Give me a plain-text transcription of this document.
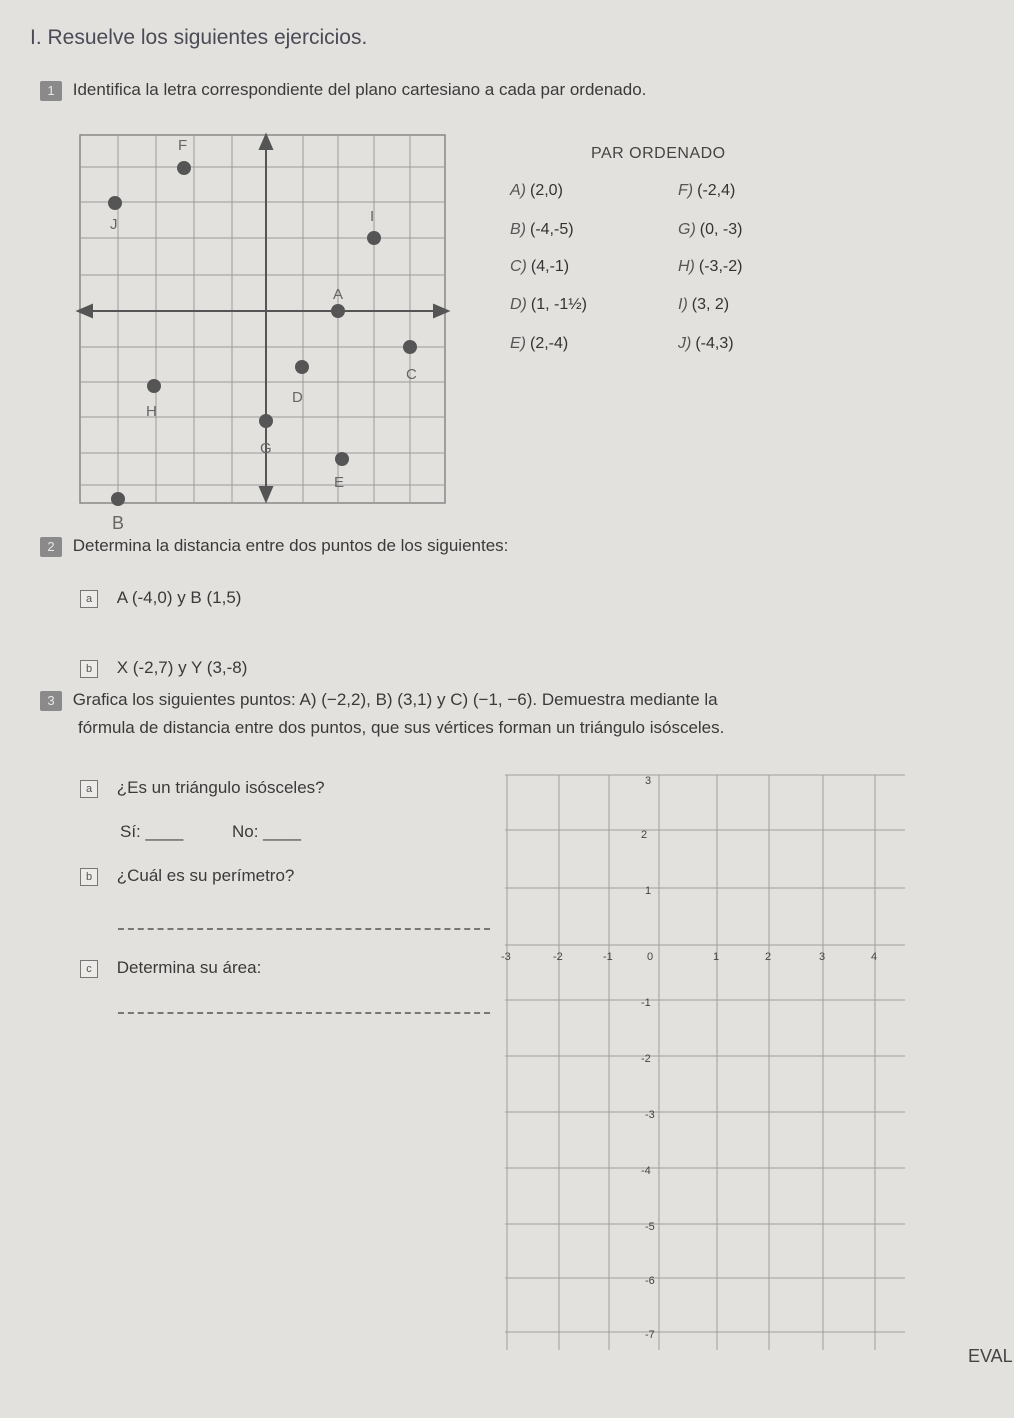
I. Resuelve los siguientes ejercicios.
1 Identifica la letra correspondiente del plano cartesiano a cada par ordenado.
F
J	I
A
C
D
H
G
E
B
PAR ORDENADO
A) (2,0)	F) (-2,4)
B) (-4,-5)	G) (0, -3)
C) (4,-1)	H) (-3,-2)
D) (1, -1½)	I) (3, 2)
E) (2,-4)	J) (-4,3)
2 Determina la distancia entre dos puntos de los siguientes:
a A (-4,0) y B (1,5)
b X (-2,7) y Y (3,-8)
3 Grafica los siguientes puntos: A) (−2,2), B) (3,1) y C) (−1, −6). Demuestra mediante la
fórmula de distancia entre dos puntos, que sus vértices forman un triángulo isósceles.
a ¿Es un triángulo isósceles?
Sí: ____	No: ____
b ¿Cuál es su perímetro?
c Determina su área:
-3	-2	-1	0	1	2	3	4
3
2
1
-1
-2
-3
-4
-5
-6
-7
EVAL
